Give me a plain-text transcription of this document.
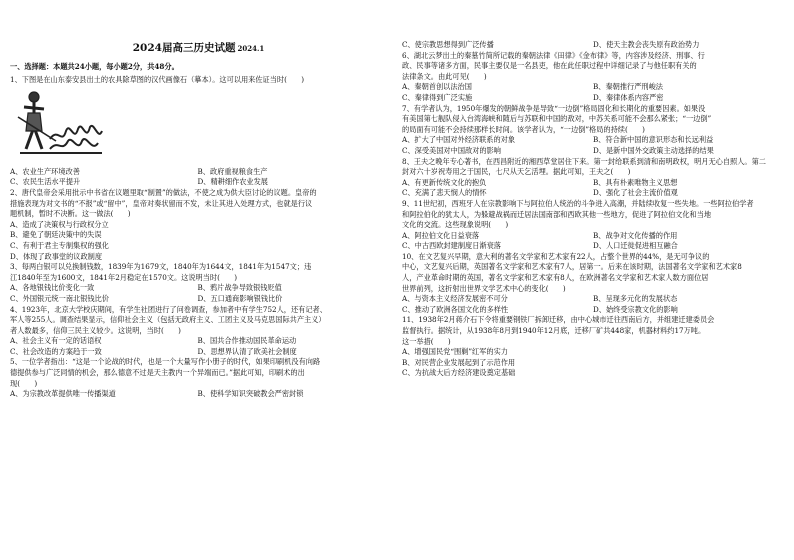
2024届高三历史试题 2024.1

一、选择题：本题共24小题，每小题2分，共48分。

1、下图是在山东泰安县出土的农具除草图的汉代画像石（摹本）。这可以用来佐证当时(　　)

A、农业生产环境改善	B、政府重视粮食生产

C、农民生活水平提升	D、精耕细作农业发展

2、唐代皇帝会采用批示中书省在议题里取“制置”的做法，不使之成为供大臣讨论的议题。皇帝的

措施表现为对文书的“不报”或“留中”，皇帝对奏状留而不发，未让其进入处理方式，也就是行议

题机制，暂时不决断。这一做法(　　)

A、造成了决策权与行政权分立

B、避免了朝廷决策中的失误

C、有利于君主专制集权的强化

D、体现了政事堂的议政制度

3、每两白银可以兑换制钱数，1839年为1679文，1840年为1644文，1841年为1547文；违

江1840年至为1600文，1841年2月稳定在1570文。这说明当时(　　)

A、各地银钱比价变化一致	B、鸦片战争导致银钱贬值

C、外国银元统一南北银钱比价	D、五口通商影响银钱比价

4、1923年，北京大学校庆期间，有学生社团进行了问卷调查，参加者中有学生752人，还有记者、

军人等255人。调查结果显示，信仰社会主义（包括无政府主义、工团主义及马克思国际共产主义）

者人数最多，信仰三民主义较少。这说明，当时(　　)

A、社会主义有一定的话语权	B、国共合作推动国民革命运动

C、社会改造的方案趋于一致	D、思想界认清了欧美社会制度

5、一位学者指出：“这是一个论战的时代，也是一个大量写作小册子的时代，如果印刷机没有向路

德提供参与广泛同情的机会，那么德意不过是天主教内一个异端而已。”据此可知，印刷术的出

现(　　)

A、为宗教改革提供唯一传播渠道	B、使科学知识突破教会严密封锁

C、使宗教思想得到广泛传播	D、使天主教会丧失原有政治势力

6、湖北云梦出土的秦墓竹简所记载的秦朝法律《田律》《金布律》等，内容涉及经济、刑事、行

政、民事等诸多方面，民事主要仅是一名县吏，他在此任职过程中详细记录了与他任职有关的

法律条文。由此可见(　　)

A、秦朝首创以法治国	B、秦朝推行严刑峻法

C、秦律得到广泛实施	D、秦律体系内容严密

7、有学者认为，1950年爆发的朝鲜战争是导致“一边倒”格局固化和长期化的重要因素。如果没

有美国第七舰队侵入台湾海峡和随后与苏联和中国的敌对，中苏关系可能不会那么紧张；“一边倒”

的局面有可能不会持续那样长时间。该学者认为，“一边倒”格局的持续(　　)

A、扩大了中国对外经济联系的对象	B、符合新中国的意识形态和长远利益

C、深受美国对中国敌对的影响	D、是新中国外交政策主动选择的结果

8、王夫之晚年专心著书，在西昌附近的湘西草堂居住下来。第一封给联系到清和南明政权，明月无心自照人。第二

封对六十岁祝寿用之于国民，七尺从天乞活埋。据此可知，王夫之(　　)

A、有更新传统文化的抱负	B、具有朴素唯物主义思想

C、充满了悲天悯人的情怀	D、强化了社会主流价值观

9、11世纪初，西班牙人在宗教影响下与阿拉伯人统治的斗争进入高潮，并陆续收复一些失地。一些阿拉伯学者

和阿拉伯化的犹太人，为躲避战祸而迁居法国南部和西欧其他一些地方，促进了阿拉伯文化和当地

文化的交流。这些现象说明(　　)

A、阿拉伯文化日益衰落	B、战争对文化传播的作用

C、中古西欧封建制度日渐衰落	D、人口迁徙促进相互融合

10、在文艺复兴早期，意大利的著名文学家和艺术家有22人，占整个世界的44%，是无可争议的

中心，文艺复兴后期，英国著名文学家和艺术家有7人，居第一。后来在该时期，法国著名文学家和艺术家8

人，产业革命时期的英国，著名文学家和艺术家有8人，在欧洲著名文学家和艺术家人数方面位居

世界前列，这折射出世界文学艺术中心的变化(　　)

A、与资本主义经济发展密不可分	B、呈现多元化的发展状态

C、推动了欧洲各国文化的多样性	D、始终受宗教文化的影响

11、1938年2月蒋介石下令将重要钢铁厂拆卸迁移，由中心城市迁往西南后方，并组建迁建委员会

监督执行。据统计，从1938年8月到1940年12月底，迁移厂矿共448家，机器材料约17万吨。

这一举措(　　)

A、增强国民党“围剿”红军的实力

B、对民营企业发展起到了示范作用

C、为抗战大后方经济建设奠定基础
